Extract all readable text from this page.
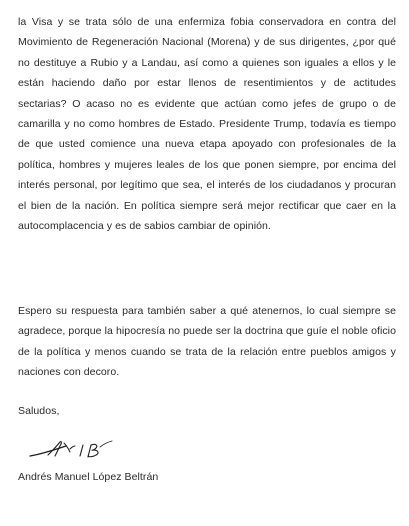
la Visa y se trata sólo de una enfermiza fobia conservadora en contra del Movimiento de Regeneración Nacional (Morena) y de sus dirigentes, ¿por qué no destituye a Rubio y a Landau, así como a quienes son iguales a ellos y le están haciendo daño por estar llenos de resentimientos y de actitudes sectarias? O acaso no es evidente que actúan como jefes de grupo o de camarilla y no como hombres de Estado. Presidente Trump, todavía es tiempo de que usted comience una nueva etapa apoyado con profesionales de la política, hombres y mujeres leales de los que ponen siempre, por encima del interés personal, por legítimo que sea, el interés de los ciudadanos y procuran el bien de la nación. En política siempre será mejor rectificar que caer en la autocomplacencia y es de sabios cambiar de opinión.

Espero su respuesta para también saber a qué atenernos, lo cual siempre se agradece, porque la hipocresía no puede ser la doctrina que guíe el noble oficio de la política y menos cuando se trata de la relación entre pueblos amigos y naciones con decoro.

Saludos,

Andrés Manuel López Beltrán
